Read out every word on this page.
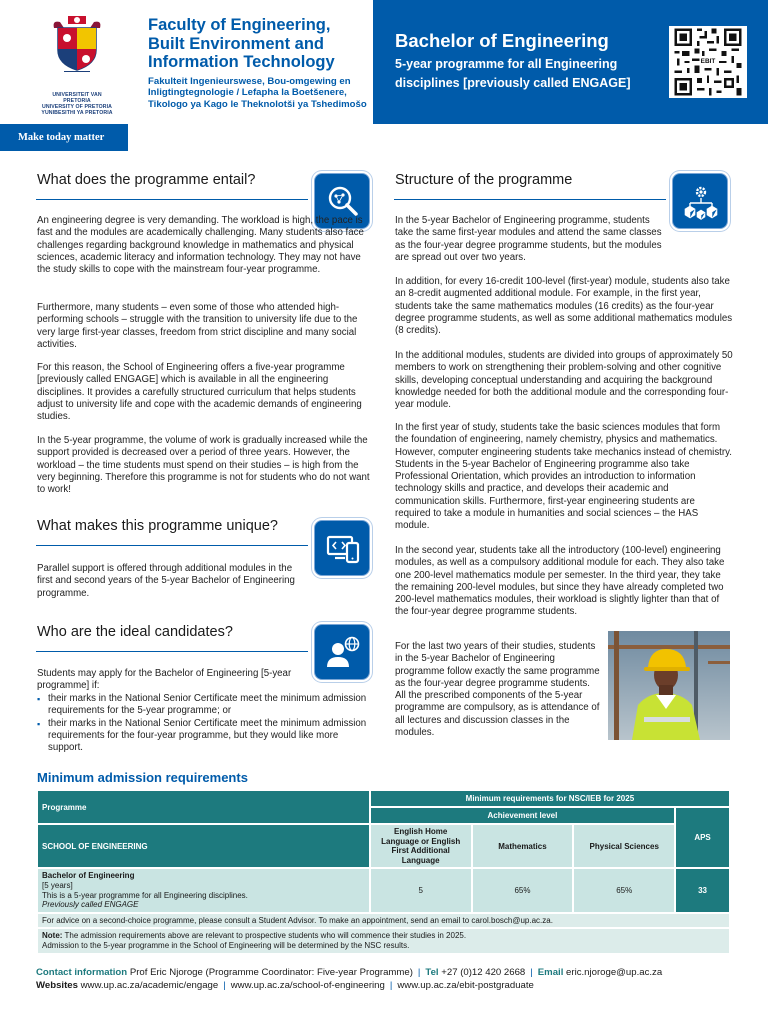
UNIVERSITEIT VAN PRETORIA
UNIVERSITY OF PRETORIA
YUNIBESITHI YA PRETORIA
Faculty of Engineering, Built Environment and Information Technology
Fakulteit Ingenieurswese, Bou-omgewing en Inligtingtegnologie / Lefapha la Boetšenere, Tikologo ya Kago le Theknolotši ya Tshedimošo
Bachelor of Engineering
5-year programme for all Engineering disciplines [previously called ENGAGE]
EBIT
Make today matter
What does the programme entail?
An engineering degree is very demanding. The workload is high, the pace is fast and the modules are academically challenging. Many students also face challenges regarding background knowledge in mathematics and physical sciences, academic literacy and information technology. They may not have the study skills to cope with the mainstream four-year programme.
Furthermore, many students – even some of those who attended high-performing schools – struggle with the transition to university life due to the very large first-year classes, freedom from strict discipline and many social activities.
For this reason, the School of Engineering offers a five-year programme [previously called ENGAGE] which is available in all the engineering disciplines. It provides a carefully structured curriculum that helps students adjust to university life and cope with the academic demands of engineering studies.
In the 5-year programme, the volume of work is gradually increased while the support provided is decreased over a period of three years. However, the workload – the time students must spend on their studies – is high from the very beginning. Therefore this programme is not for students who do not want to work!
What makes this programme unique?
Parallel support is offered through additional modules in the first and second years of the 5-year Bachelor of Engineering programme.
Who are the ideal candidates?
Students may apply for the Bachelor of Engineering [5-year programme] if:
▪ their marks in the National Senior Certificate meet the minimum admission requirements for the 5-year programme; or
▪ their marks in the National Senior Certificate meet the minimum admission requirements for the four-year programme, but they would like more support.
Structure of the programme
In the 5-year Bachelor of Engineering programme, students take the same first-year modules and attend the same classes as the four-year degree programme students, but the modules are spread out over two years.
In addition, for every 16-credit 100-level (first-year) module, students also take an 8-credit augmented additional module. For example, in the first year, students take the same mathematics modules (16 credits) as the four-year degree programme students, as well as some additional mathematics modules (8 credits).
In the additional modules, students are divided into groups of approximately 50 members to work on strengthening their problem-solving and other cognitive skills, developing conceptual understanding and acquiring the background knowledge needed for both the additional module and the corresponding four-year module.
In the first year of study, students take the basic sciences modules that form the foundation of engineering, namely chemistry, physics and mathematics. However, computer engineering students take mechanics instead of chemistry. Students in the 5-year Bachelor of Engineering programme also take Professional Orientation, which provides an introduction to information technology skills and practice, and develops their academic and communication skills. Furthermore, first-year engineering students are required to take a module in humanities and social sciences – the HAS module.
In the second year, students take all the introductory (100-level) engineering modules, as well as a compulsory additional module for each. They also take one 200-level mathematics module per semester. In the third year, they take the remaining 200-level modules, but since they have already completed two 200-level mathematics modules, their workload is slightly lighter than that of the four-year degree programme students.
For the last two years of their studies, students in the 5-year Bachelor of Engineering programme follow exactly the same programme as the four-year degree programme students. All the prescribed components of the 5-year programme are compulsory, as is attendance of all lectures and discussion classes in the modules.
Minimum admission requirements
Programme	Minimum requirements for NSC/IEB for 2025			
	Achievement level			APS
SCHOOL OF ENGINEERING	English Home Language or English First Additional Language	Mathematics	Physical Sciences	

Bachelor of Engineering
[5 years]
This is a 5-year programme for all Engineering disciplines.
Previously called ENGAGE	5	65%	65%	33
For advice on a second-choice programme, please consult a Student Advisor. To make an appointment, send an email to carol.bosch@up.ac.za.				

Note: The admission requirements above are relevant to prospective students who will commence their studies in 2025.
Admission to the 5-year programme in the School of Engineering will be determined by the NSC results.				
Contact information Prof Eric Njoroge (Programme Coordinator: Five-year Programme) | Tel +27 (0)12 420 2668 | Email eric.njoroge@up.ac.za
Websites www.up.ac.za/academic/engage | www.up.ac.za/school-of-engineering | www.up.ac.za/ebit-postgraduate
